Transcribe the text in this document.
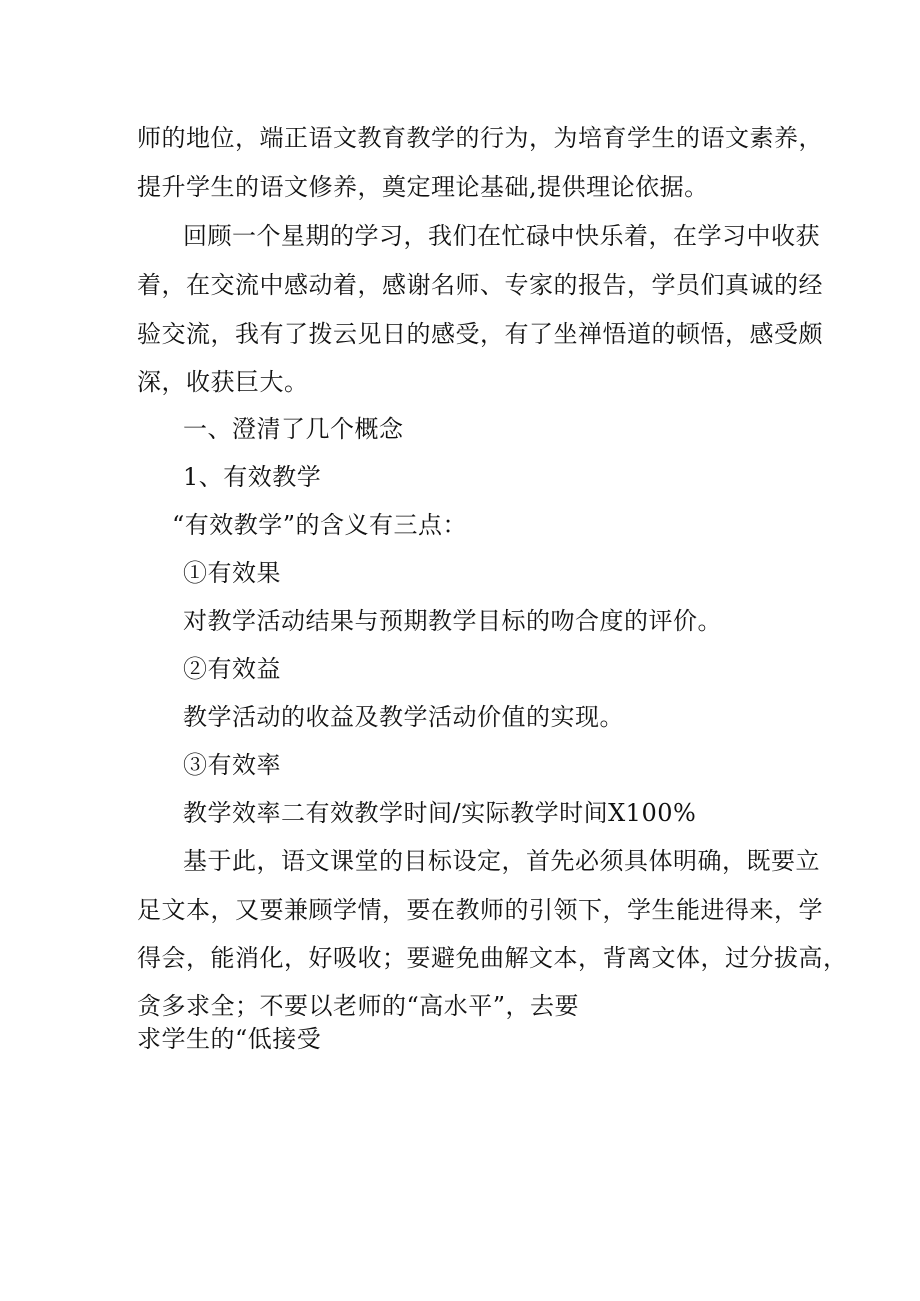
师的地位，端正语文教育教学的行为，为培育学生的语文素养，
提升学生的语文修养，奠定理论基础,提供理论依据。
回顾一个星期的学习，我们在忙碌中快乐着，在学习中收获
着，在交流中感动着，感谢名师、专家的报告，学员们真诚的经
验交流，我有了拨云见日的感受，有了坐禅悟道的顿悟，感受颇
深，收获巨大。
一、澄清了几个概念
1、有效教学
“有效教学”的含义有三点：
①有效果
对教学活动结果与预期教学目标的吻合度的评价。
②有效益
教学活动的收益及教学活动价值的实现。
③有效率
教学效率二有效教学时间/实际教学时间X100%
基于此，语文课堂的目标设定，首先必须具体明确，既要立
足文本，又要兼顾学情，要在教师的引领下，学生能进得来，学
得会，能消化，好吸收；要避免曲解文本，背离文体，过分拔高，
贪多求全；不要以老师的“高水平”，去要
求学生的“低接受
